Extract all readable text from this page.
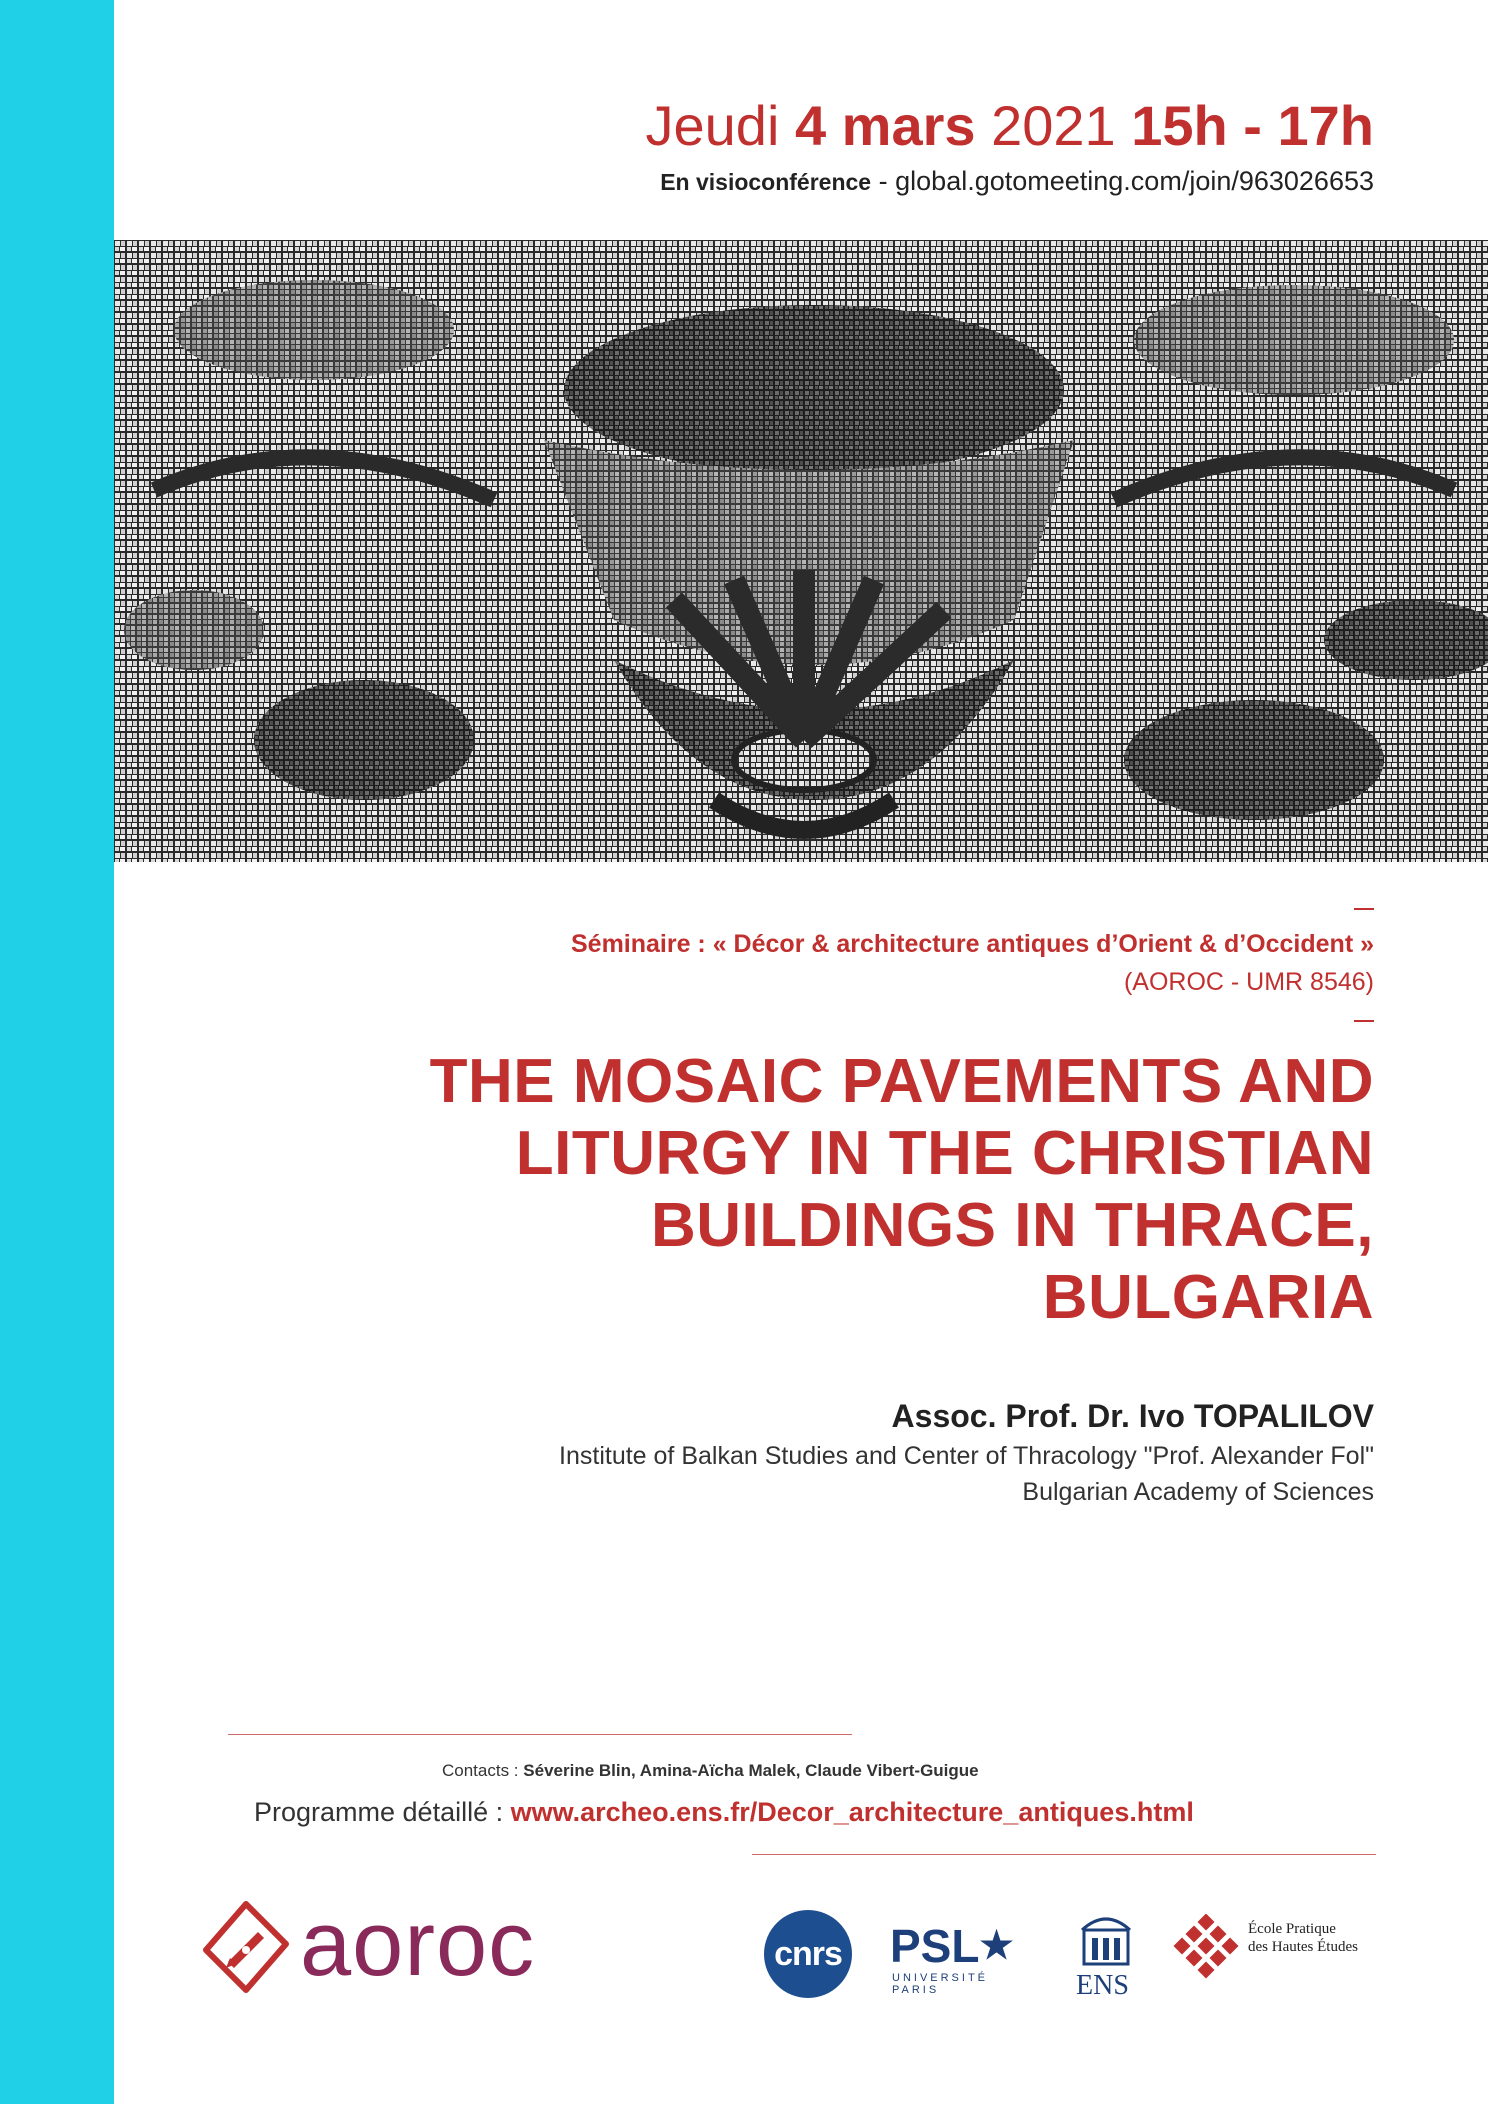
Jeudi 4 mars 2021 15h - 17h
En visioconférence - global.gotomeeting.com/join/963026653
Séminaire : « Décor & architecture antiques d’Orient & d’Occident »
(AOROC - UMR 8546)
THE MOSAIC PAVEMENTS AND
LITURGY IN THE CHRISTIAN
BUILDINGS IN THRACE,
BULGARIA
Assoc. Prof. Dr. Ivo TOPALILOV
Institute of Balkan Studies and Center of Thracology "Prof. Alexander Fol"
Bulgarian Academy of Sciences
Contacts : Séverine Blin, Amina-Aïcha Malek, Claude Vibert-Guigue
Programme détaillé : www.archeo.ens.fr/Decor_architecture_antiques.html
aoroc	cnrs PSL★
UNIVERSITÉ PARIS	ENS
École Pratique
des Hautes Études
